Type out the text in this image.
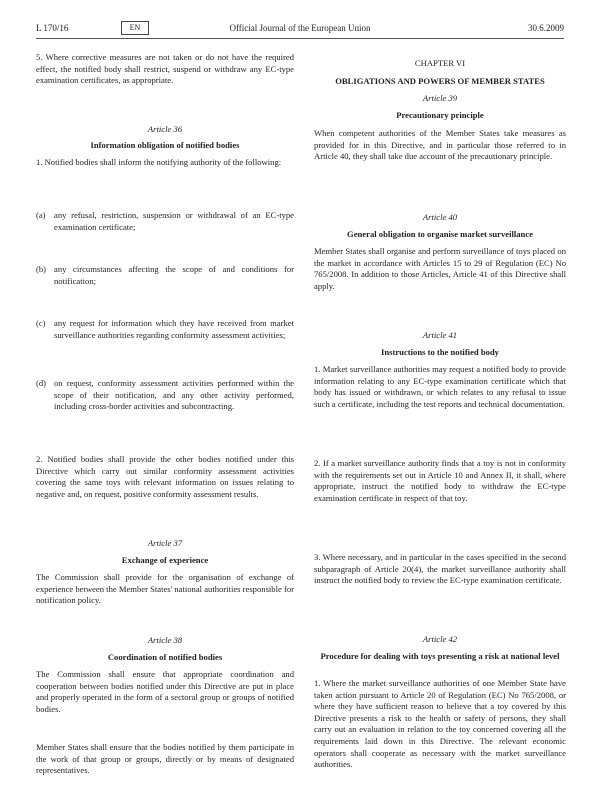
L 170/16	EN	Official Journal of the European Union	30.6.2009
5. Where corrective measures are not taken or do not have the required effect, the notified body shall restrict, suspend or withdraw any EC-type examination certificates, as appropriate.
Article 36
Information obligation of notified bodies
1. Notified bodies shall inform the notifying authority of the following:
(a) any refusal, restriction, suspension or withdrawal of an EC-type examination certificate;
(b) any circumstances affecting the scope of and conditions for notification;
(c) any request for information which they have received from market surveillance authorities regarding conformity assessment activities;
(d) on request, conformity assessment activities performed within the scope of their notification, and any other activity performed, including cross-border activities and subcontracting.
2. Notified bodies shall provide the other bodies notified under this Directive which carry out similar conformity assessment activities covering the same toys with relevant information on issues relating to negative and, on request, positive conformity assessment results.
Article 37
Exchange of experience
The Commission shall provide for the organisation of exchange of experience between the Member States' national authorities responsible for notification policy.
Article 38
Coordination of notified bodies
The Commission shall ensure that appropriate coordination and cooperation between bodies notified under this Directive are put in place and properly operated in the form of a sectoral group or groups of notified bodies.
Member States shall ensure that the bodies notified by them participate in the work of that group or groups, directly or by means of designated representatives.
CHAPTER VI
OBLIGATIONS AND POWERS OF MEMBER STATES
Article 39
Precautionary principle
When competent authorities of the Member States take measures as provided for in this Directive, and in particular those referred to in Article 40, they shall take due account of the precautionary principle.
Article 40
General obligation to organise market surveillance
Member States shall organise and perform surveillance of toys placed on the market in accordance with Articles 15 to 29 of Regulation (EC) No 765/2008. In addition to those Articles, Article 41 of this Directive shall apply.
Article 41
Instructions to the notified body
1. Market surveillance authorities may request a notified body to provide information relating to any EC-type examination certificate which that body has issued or withdrawn, or which relates to any refusal to issue such a certificate, including the test reports and technical documentation.
2. If a market surveillance authority finds that a toy is not in conformity with the requirements set out in Article 10 and Annex II, it shall, where appropriate, instruct the notified body to withdraw the EC-type examination certificate in respect of that toy.
3. Where necessary, and in particular in the cases specified in the second subparagraph of Article 20(4), the market surveillance authority shall instruct the notified body to review the EC-type examination certificate.
Article 42
Procedure for dealing with toys presenting a risk at national level
1. Where the market surveillance authorities of one Member State have taken action pursuant to Article 20 of Regulation (EC) No 765/2008, or where they have sufficient reason to believe that a toy covered by this Directive presents a risk to the health or safety of persons, they shall carry out an evaluation in relation to the toy concerned covering all the requirements laid down in this Directive. The relevant economic operators shall cooperate as necessary with the market surveillance authorities.
